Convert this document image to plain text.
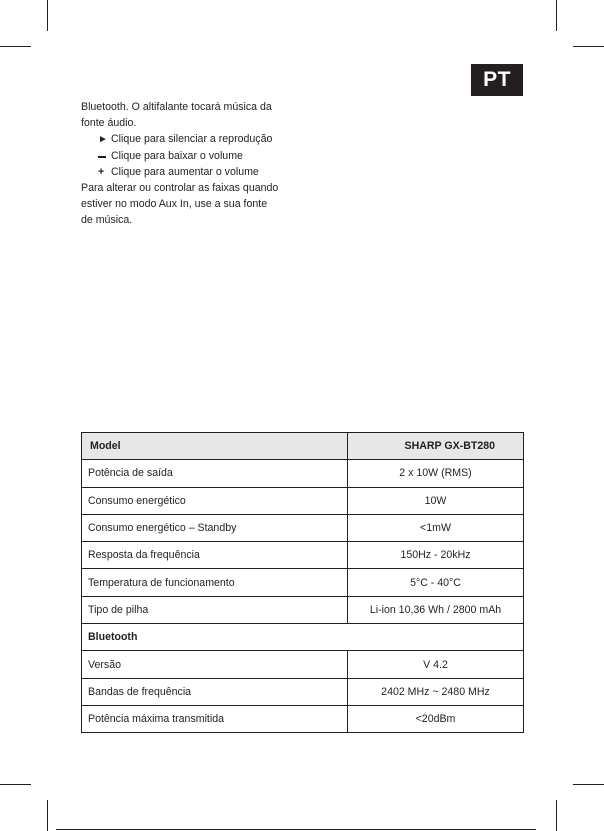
PT

Bluetooth. O altifalante tocará música da

fonte áudio.

► Clique para silenciar a reprodução

Clique para baixar o volume

+ Clique para aumentar o volume

Para alterar ou controlar as faixas quando

estiver no modo Aux In, use a sua fonte

de música.

Model	SHARP GX-BT280
Potência de saída	2 x 10W (RMS)
Consumo energético	10W
Consumo energético – Standby	<1mW
Resposta da frequência	150Hz - 20kHz
Temperatura de funcionamento	5°C - 40°C
Tipo de pilha	Li-ion 10,36 Wh / 2800 mAh
Bluetooth	
Versão	V 4.2
Bandas de frequência	2402 MHz ~ 2480 MHz
Potência máxima transmitida	<20dBm
